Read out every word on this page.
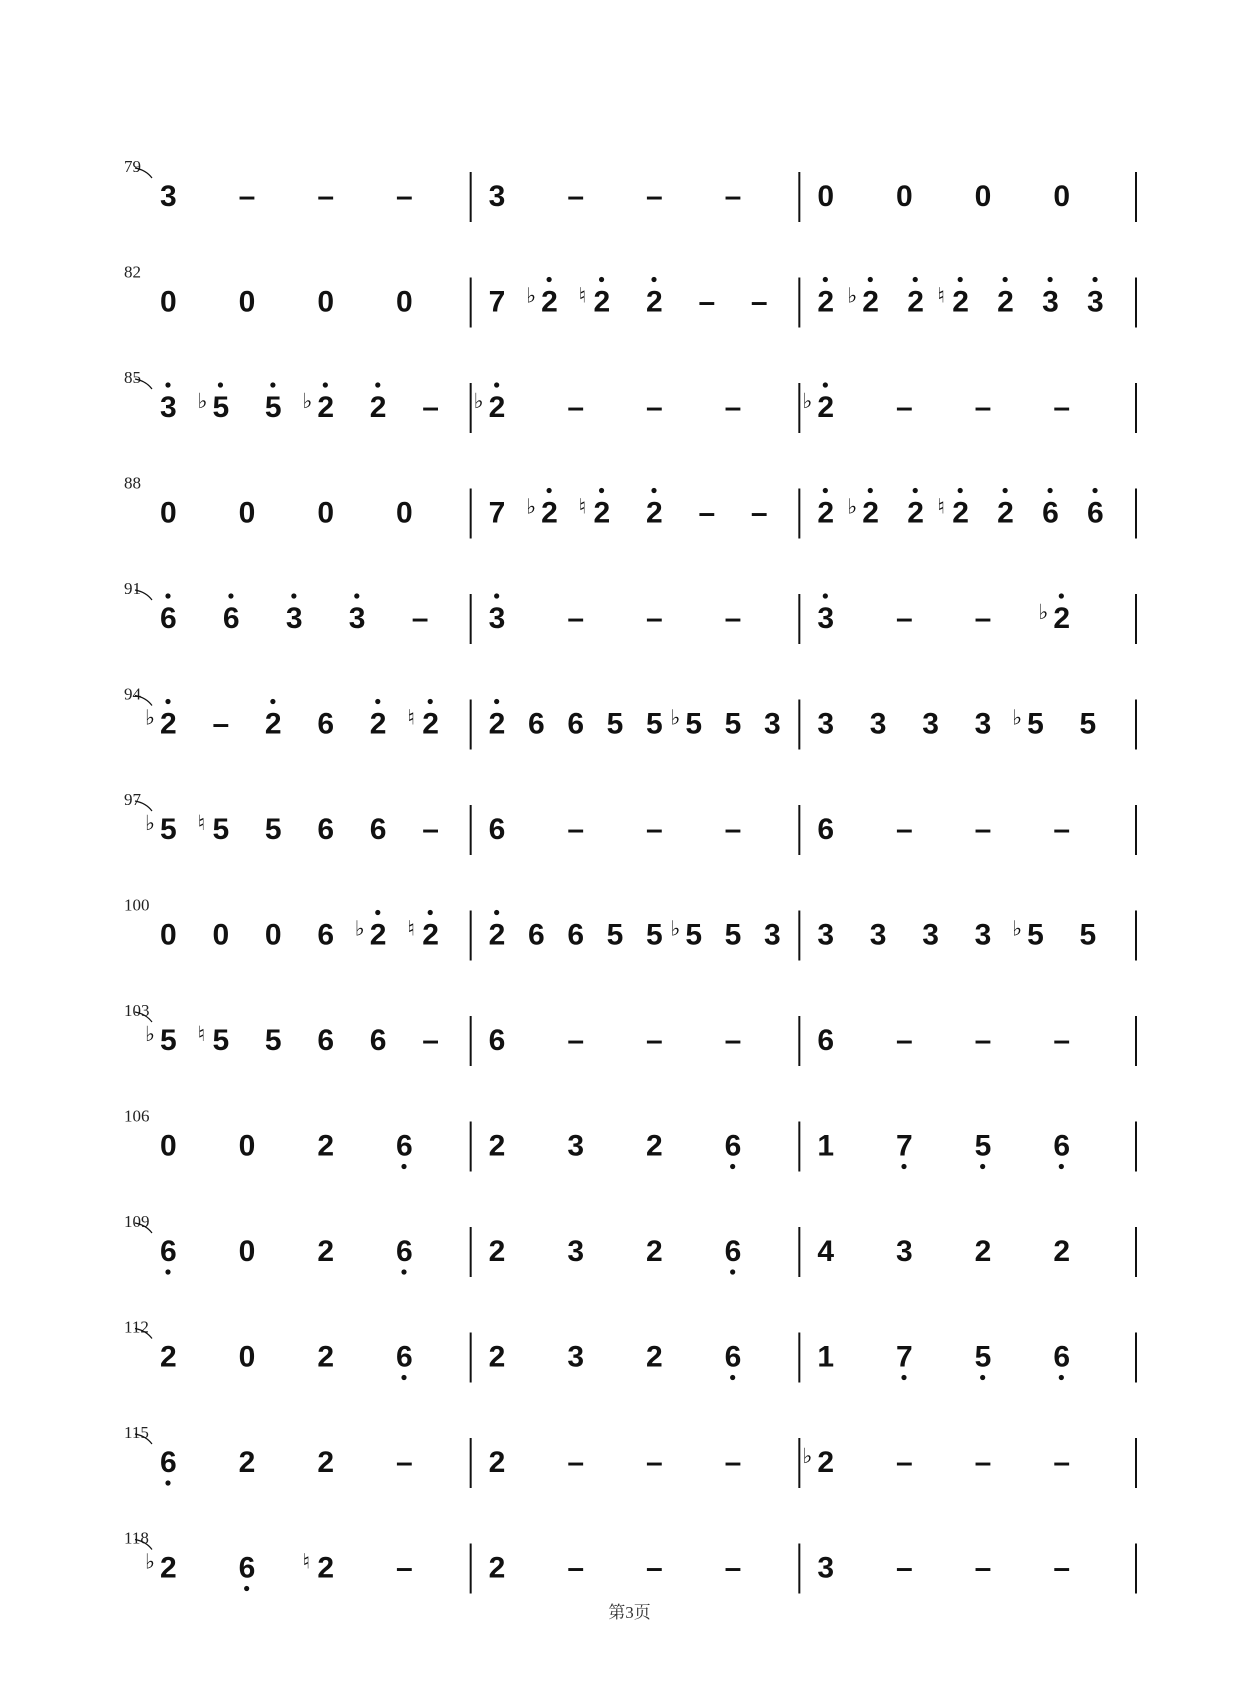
79
3 – – –	3 – – –	0 0 0 0
82
0 0 0 0	7 ♭ 2 ♮ 2 2 – – 2 ♭ 2 2 ♮ 2 2 3 3
85
3 ♭ 5 5 ♭ 2 2 – ♭ 2 – – –	♭ 2 – – –
88
0 0 0 0	7 ♭ 2 ♮ 2 2 – – 2 ♭ 2 2 ♮ 2 2 6 6
91
6 6 3 3 – 3 – – –	3 – – ♭ 2
94
♭ 2 – 2 6 2 ♮ 2 2 6 6 5 5 ♭ 5 5 3 3 3 3 3 ♭ 5 5
97
♭ 5 ♮ 5 5 6 6 – 6 – – –	6 – – –
100
0 0 0 6 ♭ 2 ♮ 2 2 6 6 5 5 ♭ 5 5 3 3 3 3 3 ♭ 5 5
103
♭ 5 ♮ 5 5 6 6 – 6 – – –	6 – – –
106
0 0 2 6	2 3 2 6	1 7 5 6
109
6 0 2 6	2 3 2 6	4 3 2 2
112
2 0 2 6	2 3 2 6	1 7 5 6
115
6 2 2 –	2 – – –	♭ 2 – – –
118
♭ 2 6 ♮ 2 –	2 – – –	3 – – –
第3页
